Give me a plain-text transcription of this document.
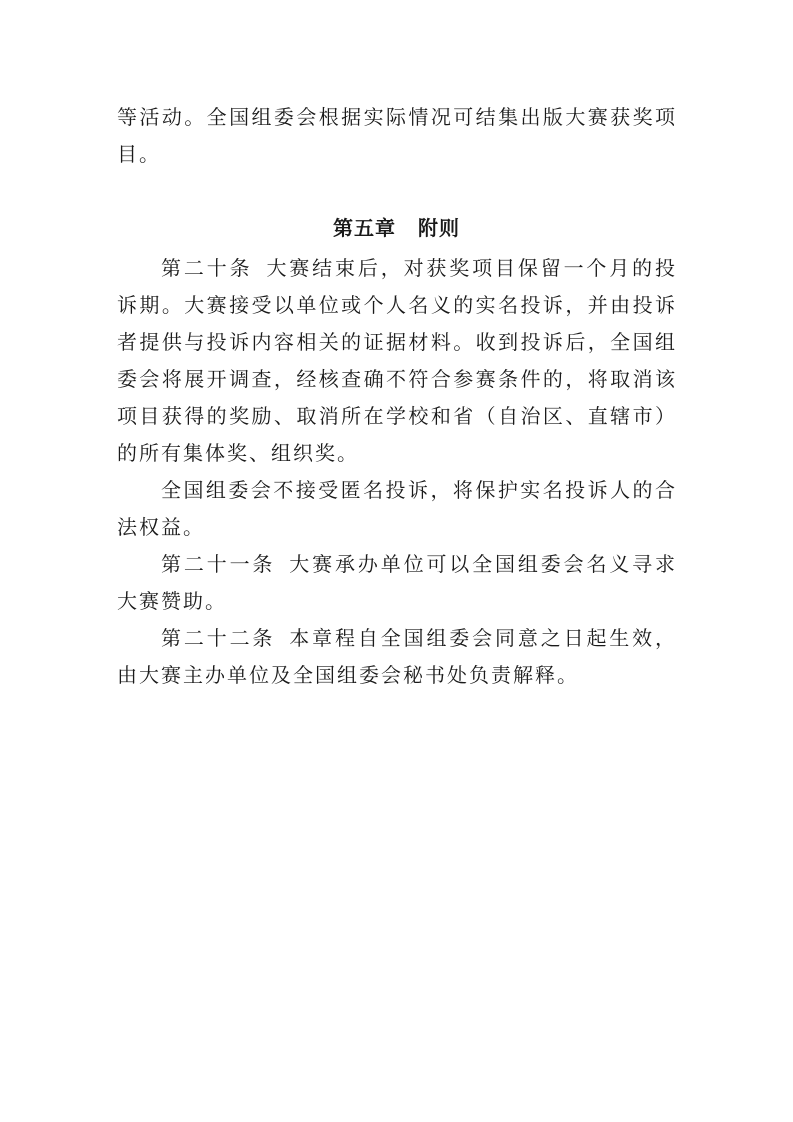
等活动。全国组委会根据实际情况可结集出版大赛获奖项目。

第五章 附则

第二十条 大赛结束后，对获奖项目保留一个月的投诉期。大赛接受以单位或个人名义的实名投诉，并由投诉者提供与投诉内容相关的证据材料。收到投诉后，全国组委会将展开调查，经核查确不符合参赛条件的，将取消该项目获得的奖励、取消所在学校和省（自治区、直辖市）的所有集体奖、组织奖。

全国组委会不接受匿名投诉，将保护实名投诉人的合法权益。

第二十一条 大赛承办单位可以全国组委会名义寻求大赛赞助。

第二十二条 本章程自全国组委会同意之日起生效，由大赛主办单位及全国组委会秘书处负责解释。
